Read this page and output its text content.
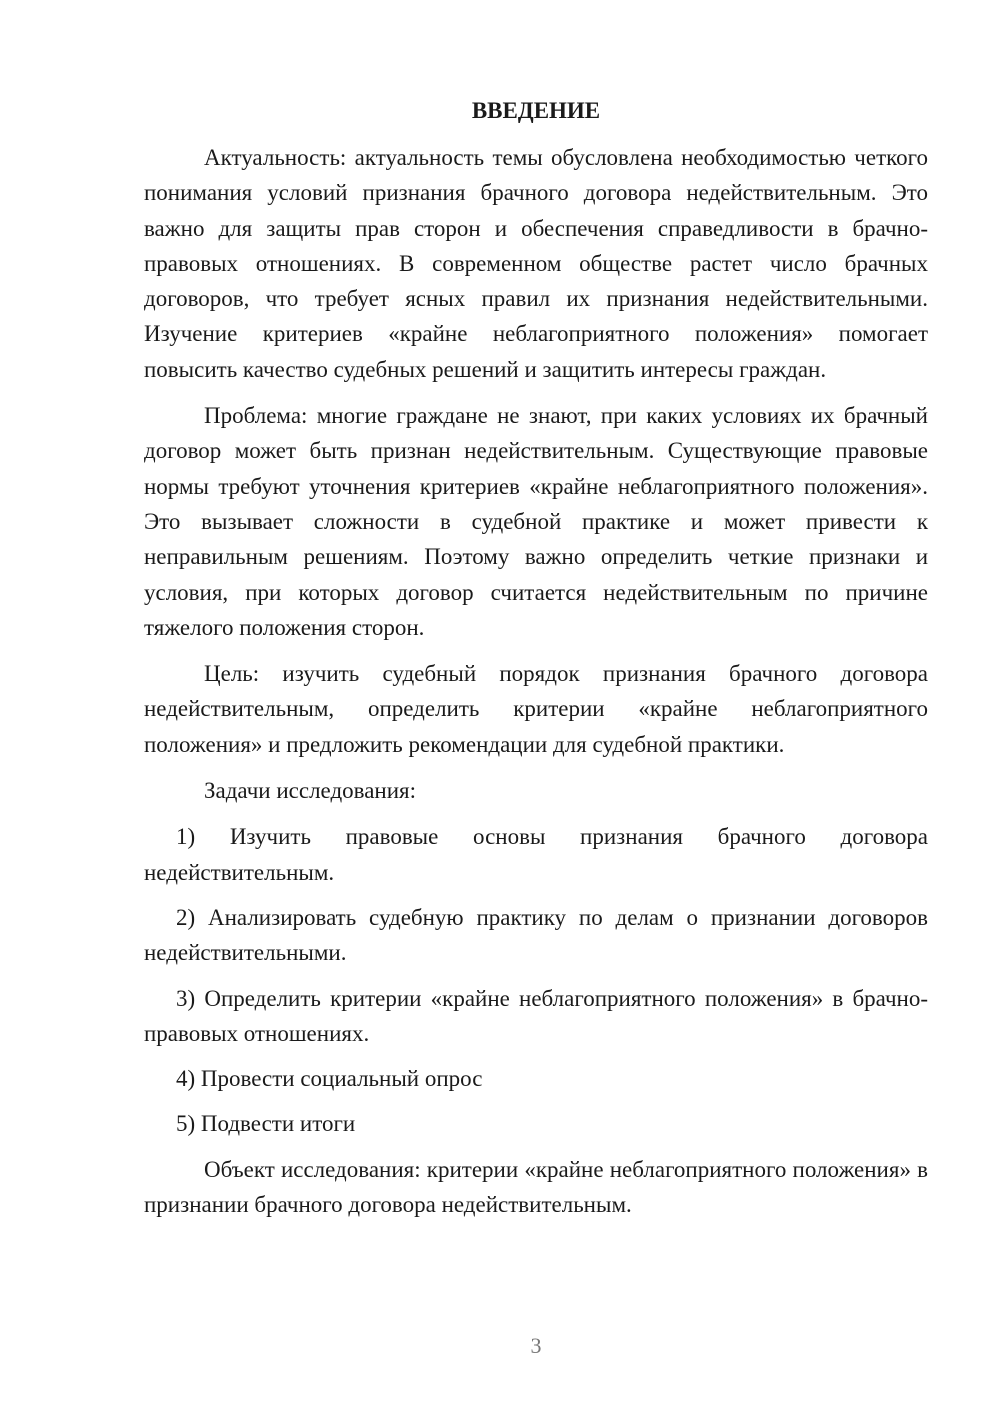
ВВЕДЕНИЕ

Актуальность: актуальность темы обусловлена необходимостью четкого понимания условий признания брачного договора недействительным. Это важно для защиты прав сторон и обеспечения справедливости в брачно-правовых отношениях. В современном обществе растет число брачных договоров, что требует ясных правил их признания недействительными. Изучение критериев «крайне неблагоприятного положения» помогает повысить качество судебных решений и защитить интересы граждан.

Проблема: многие граждане не знают, при каких условиях их брачный договор может быть признан недействительным. Существующие правовые нормы требуют уточнения критериев «крайне неблагоприятного положения». Это вызывает сложности в судебной практике и может привести к неправильным решениям. Поэтому важно определить четкие признаки и условия, при которых договор считается недействительным по причине тяжелого положения сторон.

Цель: изучить судебный порядок признания брачного договора недействительным, определить критерии «крайне неблагоприятного положения» и предложить рекомендации для судебной практики.

Задачи исследования:

1) Изучить правовые основы признания брачного договора недействительным.

2) Анализировать судебную практику по делам о признании договоров недействительными.

3) Определить критерии «крайне неблагоприятного положения» в брачно-правовых отношениях.

4) Провести социальный опрос

5) Подвести итоги

Объект исследования: критерии «крайне неблагоприятного положения» в признании брачного договора недействительным.

3
